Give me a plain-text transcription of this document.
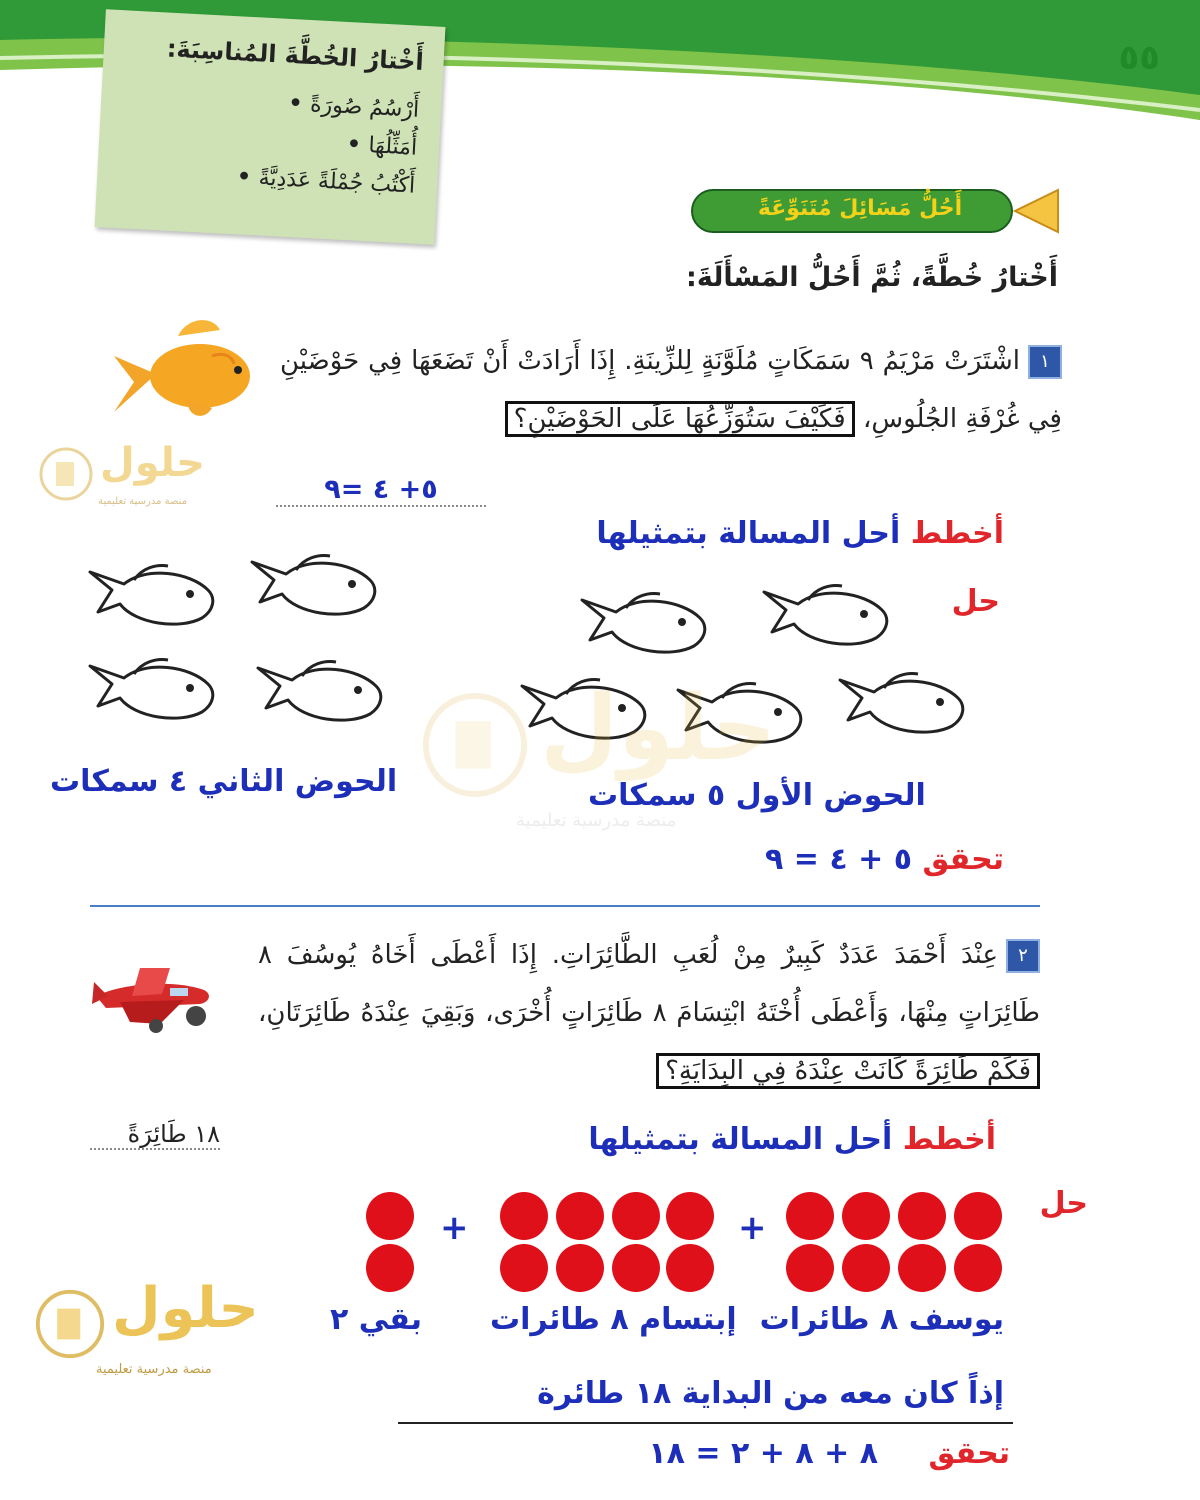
٥٥
أَخْتارُ الخُطَّةَ المُناسِبَةَ:
أَرْسُمُ صُورَةً •
أُمَثِّلُهَا •
أَكْتُبُ جُمْلَةً عَدَدِيَّةً •
أَحُلُّ مَسَائِلَ مُتَنَوِّعَةً
أَخْتارُ خُطَّةً، ثُمَّ أَحُلُّ المَسْأَلَةَ:
١اشْتَرَتْ مَرْيَمُ ٩ سَمَكَاتٍ مُلَوَّنَةٍ لِلزِّينَةِ. إِذَا أَرَادَتْ أَنْ تَضَعَهَا فِي حَوْضَيْنِ فِي غُرْفَةِ الجُلُوسِ، فَكَيْفَ سَتُوَزِّعُهَا عَلَى الحَوْضَيْنِ؟
٥+ ٤ =٩
أخطط أحل المسالة بتمثيلها
حل
الحوض الثاني ٤ سمكات	الحوض الأول ٥ سمكات
تحقق ٥ + ٤ = ٩
٢عِنْدَ أَحْمَدَ عَدَدٌ كَبِيرٌ مِنْ لُعَبِ الطَّائِرَاتِ. إِذَا أَعْطَى أَخَاهُ يُوسُفَ ٨ طَائِرَاتٍ مِنْهَا، وَأَعْطَى أُخْتَهُ ابْتِسَامَ ٨ طَائِرَاتٍ أُخْرَى، وَبَقِيَ عِنْدَهُ طَائِرَتَانِ، فَكَمْ طَائِرَةً كَانَتْ عِنْدَهُ فِي البِدَايَةِ؟
١٨ طَائِرَةً	أخطط أحل المسالة بتمثيلها
حل
+	+
يوسف ٨ طائرات
إبتسام ٨ طائرات
بقي ٢
إذاً كان معه من البداية ١٨ طائرة
تحقق ٨ + ٨ + ٢ = ١٨
حلول
منصة مدرسية تعليمية
حلول
منصة مدرسية تعليمية
حلول
منصة مدرسية تعليمية
